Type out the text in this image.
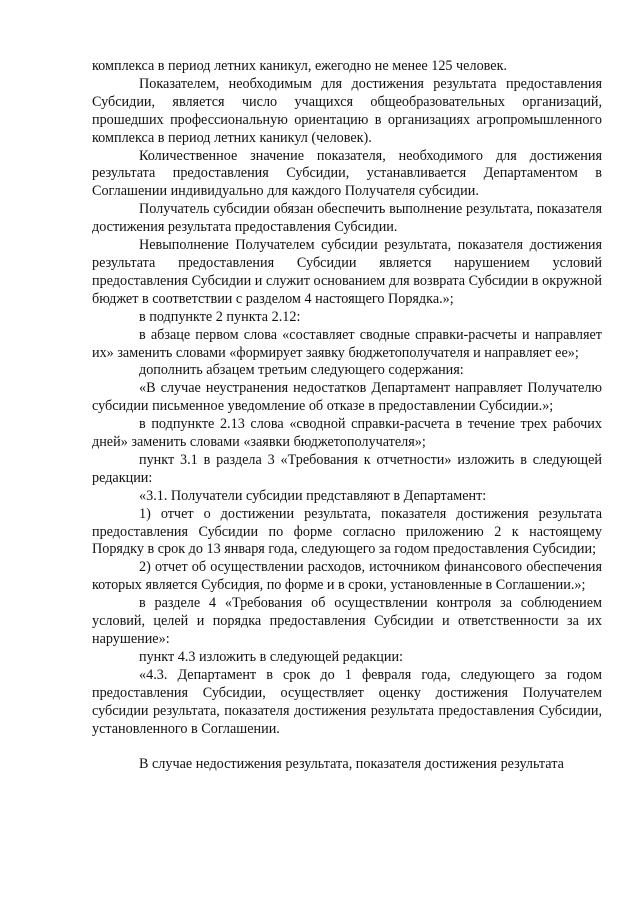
комплекса в период летних каникул, ежегодно не менее 125 человек.

Показателем, необходимым для достижения результата предоставления Субсидии, является число учащихся общеобразовательных организаций, прошедших профессиональную ориентацию в организациях агропромышленного комплекса в период летних каникул (человек).

Количественное значение показателя, необходимого для достижения результата предоставления Субсидии, устанавливается Департаментом в Соглашении индивидуально для каждого Получателя субсидии.

Получатель субсидии обязан обеспечить выполнение результата, показателя достижения результата предоставления Субсидии.

Невыполнение Получателем субсидии результата, показателя достижения результата предоставления Субсидии является нарушением условий предоставления Субсидии и служит основанием для возврата Субсидии в окружной бюджет в соответствии с разделом 4 настоящего Порядка.»;

в подпункте 2 пункта 2.12:

в абзаце первом слова «составляет сводные справки-расчеты и направляет их» заменить словами «формирует заявку бюджетополучателя и направляет ее»;

дополнить абзацем третьим следующего содержания:

«В случае неустранения недостатков Департамент направляет Получателю субсидии письменное уведомление об отказе в предоставлении Субсидии.»;

в подпункте 2.13 слова «сводной справки-расчета в течение трех рабочих дней» заменить словами «заявки бюджетополучателя»;

пункт 3.1 в раздела 3 «Требования к отчетности» изложить в следующей редакции:

«3.1. Получатели субсидии представляют в Департамент:

1) отчет о достижении результата, показателя достижения результата предоставления Субсидии по форме согласно приложению 2 к настоящему Порядку в срок до 13 января года, следующего за годом предоставления Субсидии;

2) отчет об осуществлении расходов, источником финансового обеспечения которых является Субсидия, по форме и в сроки, установленные в Соглашении.»;

в разделе 4 «Требования об осуществлении контроля за соблюдением условий, целей и порядка предоставления Субсидии и ответственности за их нарушение»:

пункт 4.3 изложить в следующей редакции:

«4.3. Департамент в срок до 1 февраля года, следующего за годом предоставления Субсидии, осуществляет оценку достижения Получателем субсидии результата, показателя достижения результата предоставления Субсидии, установленного в Соглашении.

В случае недостижения результата, показателя достижения результата
